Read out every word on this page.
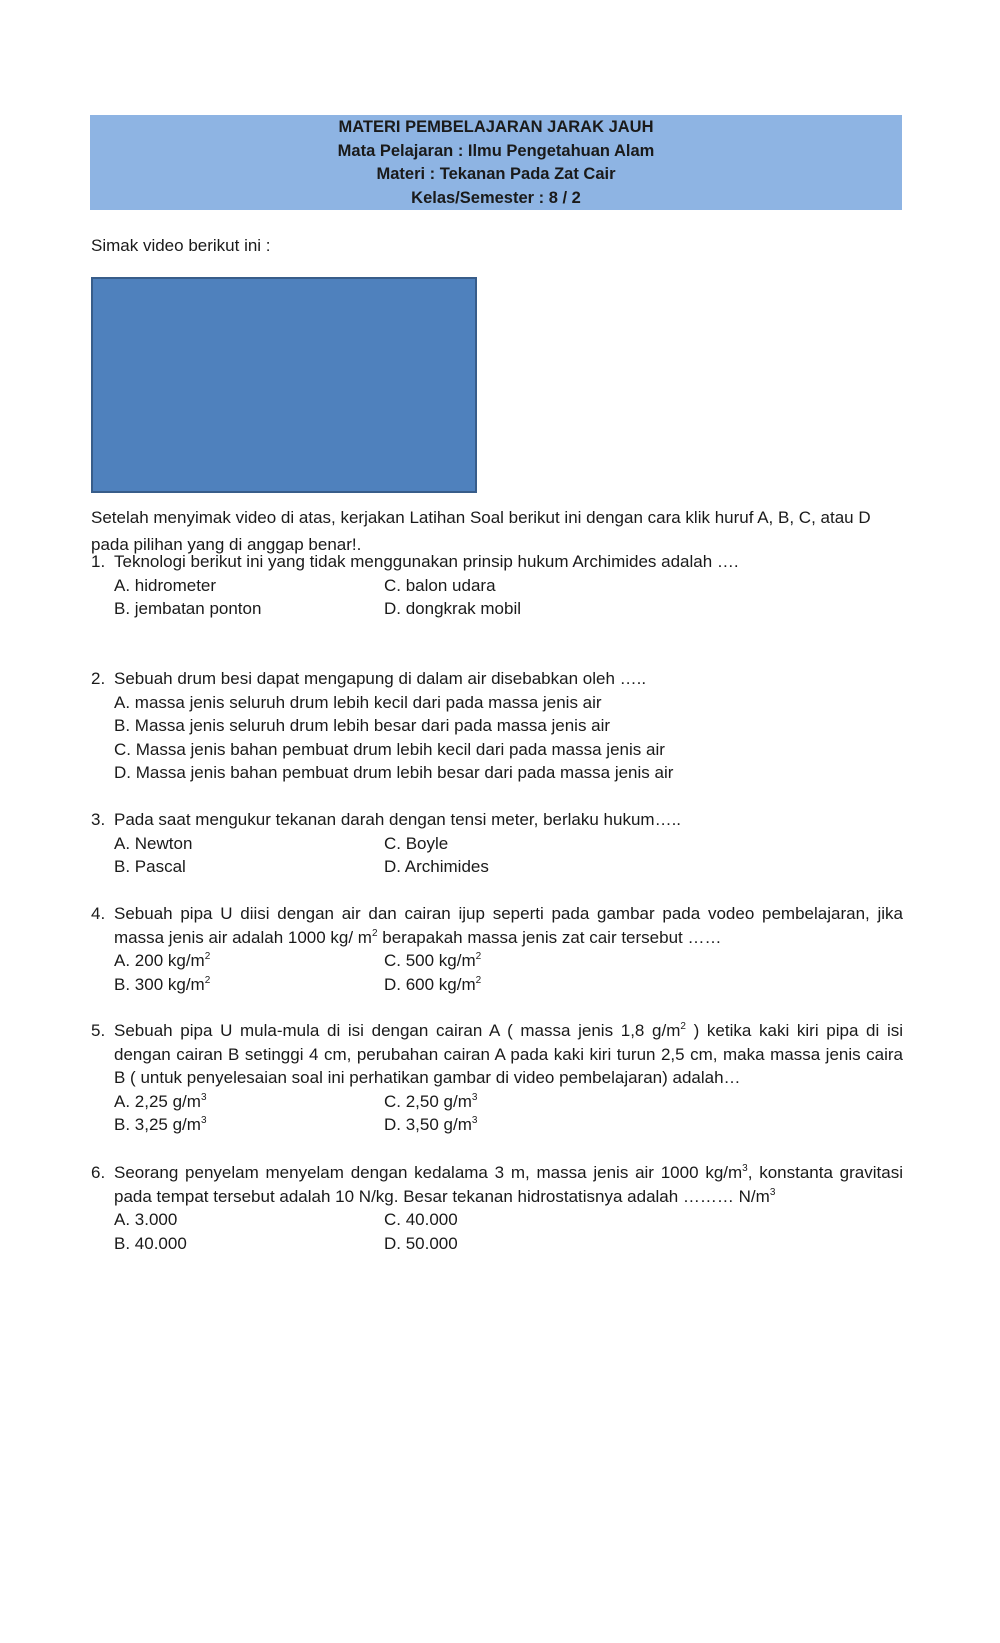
MATERI PEMBELAJARAN JARAK JAUH
Mata Pelajaran : Ilmu Pengetahuan Alam
Materi : Tekanan Pada Zat Cair
Kelas/Semester : 8 / 2
Simak video berikut ini :
Setelah menyimak video di atas, kerjakan Latihan Soal berikut ini dengan cara klik huruf A, B, C, atau D pada pilihan yang di anggap benar!.
1. Teknologi berikut ini yang tidak menggunakan prinsip hukum Archimides adalah ….
A. hidrometer	C. balon udara
B. jembatan ponton	D. dongkrak mobil
2. Sebuah drum besi dapat mengapung di dalam air disebabkan oleh …..
A. massa jenis seluruh drum lebih kecil dari pada massa jenis air
B. Massa jenis seluruh drum lebih besar dari pada massa jenis air
C. Massa jenis bahan pembuat drum lebih kecil dari pada massa jenis air
D. Massa jenis bahan pembuat drum lebih besar dari pada massa jenis air
3. Pada saat mengukur tekanan darah dengan tensi meter, berlaku hukum…..
A. Newton	C. Boyle
B. Pascal	D. Archimides
4. Sebuah pipa U diisi dengan air dan cairan ijup seperti pada gambar pada vodeo pembelajaran, jika massa jenis air adalah 1000 kg/ $m^2$ berapakah massa jenis zat cair tersebut ……
A. 200 $kg/m^2$	C. 500 $kg/m^2$
B. 300 $kg/m^2$	D. 600 $kg/m^2$
5. Sebuah pipa U mula-mula di isi dengan cairan A ( massa jenis 1,8 $g/m^2$ ) ketika kaki kiri pipa di isi dengan cairan B setinggi 4 cm, perubahan cairan A pada kaki kiri turun 2,5 cm, maka massa jenis caira B ( untuk penyelesaian soal ini perhatikan gambar di video pembelajaran) adalah…
A. 2,25 $g/m^3$	C. 2,50 $g/m^3$
B. 3,25 $g/m^3$	D. 3,50 $g/m^3$
6. Seorang penyelam menyelam dengan kedalama 3 m, massa jenis air 1000 $kg/m^3$, konstanta gravitasi pada tempat tersebut adalah 10 N/kg. Besar tekanan hidrostatisnya adalah ……… $N/m^3$
A. 3.000	C. 40.000
B. 40.000	D. 50.000
